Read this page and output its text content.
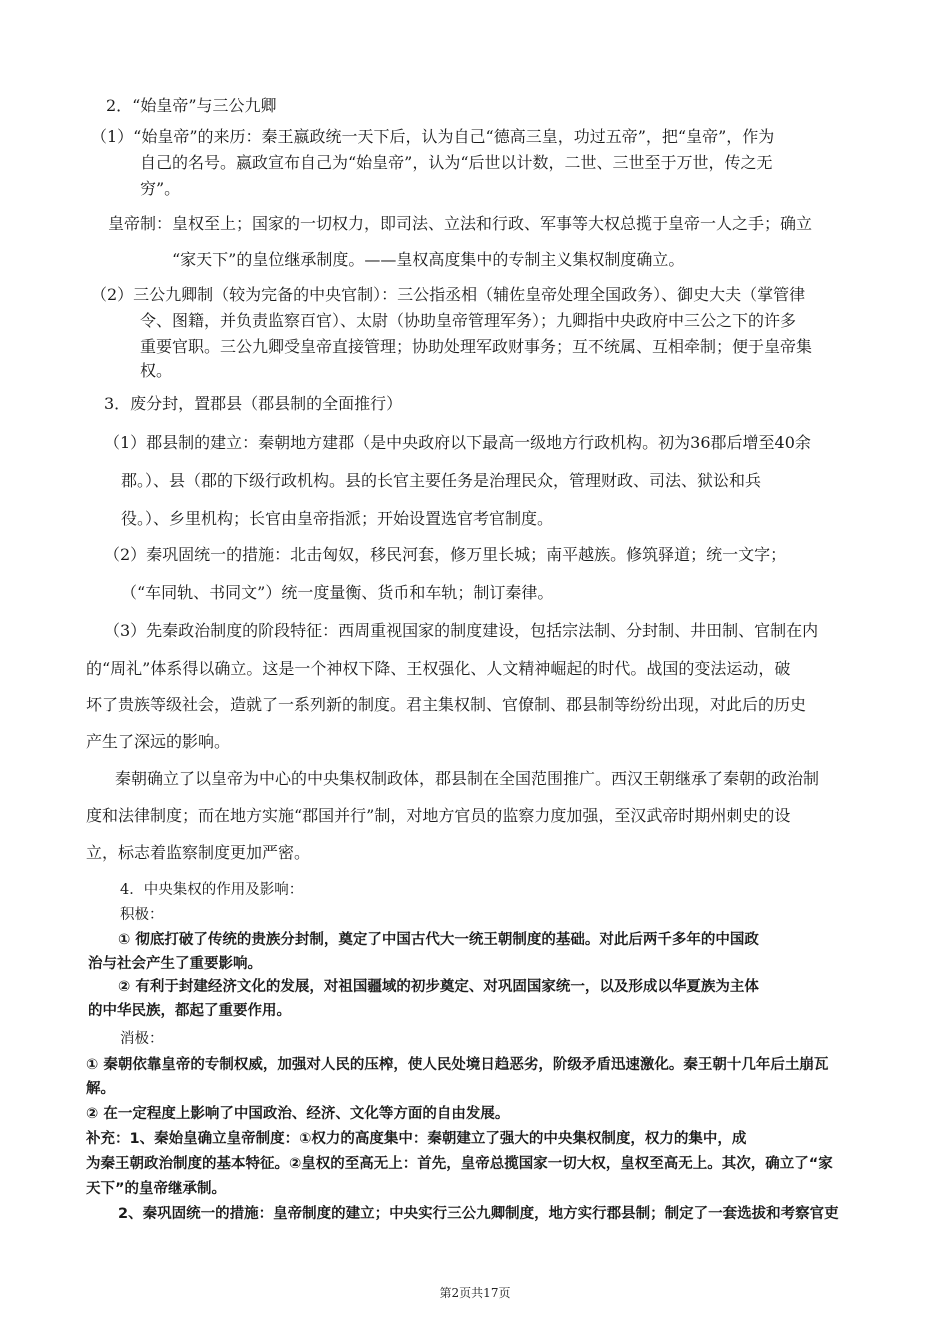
2．“始皇帝”与三公九卿
（1）“始皇帝”的来历：秦王嬴政统一天下后，认为自己“德高三皇，功过五帝”，把“皇帝”，作为
自己的名号。嬴政宣布自己为“始皇帝”，认为“后世以计数，二世、三世至于万世，传之无
穷”。
皇帝制：皇权至上；国家的一切权力，即司法、立法和行政、军事等大权总揽于皇帝一人之手；确立
“家天下”的皇位继承制度。——皇权高度集中的专制主义集权制度确立。
（2）三公九卿制（较为完备的中央官制）：三公指丞相（辅佐皇帝处理全国政务）、御史大夫（掌管律
令、图籍，并负责监察百官）、太尉（协助皇帝管理军务）；九卿指中央政府中三公之下的许多
重要官职。三公九卿受皇帝直接管理；协助处理军政财事务；互不统属、互相牵制；便于皇帝集
权。
3．废分封，置郡县（郡县制的全面推行）
（1）郡县制的建立：秦朝地方建郡（是中央政府以下最高一级地方行政机构。初为36郡后增至40余
郡。）、县（郡的下级行政机构。县的长官主要任务是治理民众，管理财政、司法、狱讼和兵
役。）、乡里机构；长官由皇帝指派；开始设置选官考官制度。
（2）秦巩固统一的措施：北击匈奴，移民河套，修万里长城；南平越族。修筑驿道；统一文字；
（“车同轨、书同文”）统一度量衡、货币和车轨；制订秦律。
（3）先秦政治制度的阶段特征：西周重视国家的制度建设，包括宗法制、分封制、井田制、官制在内
的“周礼”体系得以确立。这是一个神权下降、王权强化、人文精神崛起的时代。战国的变法运动，破
坏了贵族等级社会，造就了一系列新的制度。君主集权制、官僚制、郡县制等纷纷出现，对此后的历史
产生了深远的影响。
秦朝确立了以皇帝为中心的中央集权制政体，郡县制在全国范围推广。西汉王朝继承了秦朝的政治制
度和法律制度；而在地方实施“郡国并行”制，对地方官员的监察力度加强，至汉武帝时期州刺史的设
立，标志着监察制度更加严密。
4．中央集权的作用及影响：
积极：
① 彻底打破了传统的贵族分封制，奠定了中国古代大一统王朝制度的基础。对此后两千多年的中国政
治与社会产生了重要影响。
② 有利于封建经济文化的发展，对祖国疆域的初步奠定、对巩固国家统一，以及形成以华夏族为主体
的中华民族，都起了重要作用。
消极：
① 秦朝依靠皇帝的专制权威，加强对人民的压榨，使人民处境日趋恶劣，阶级矛盾迅速激化。秦王朝十几年后土崩瓦
解。
② 在一定程度上影响了中国政治、经济、文化等方面的自由发展。
补充：1、秦始皇确立皇帝制度：①权力的高度集中：秦朝建立了强大的中央集权制度，权力的集中，成
为秦王朝政治制度的基本特征。②皇权的至高无上：首先，皇帝总揽国家一切大权，皇权至高无上。其次，确立了“家
天下”的皇帝继承制。
2、秦巩固统一的措施：皇帝制度的建立；中央实行三公九卿制度，地方实行郡县制；制定了一套选拔和考察官吏
第2页共17页
